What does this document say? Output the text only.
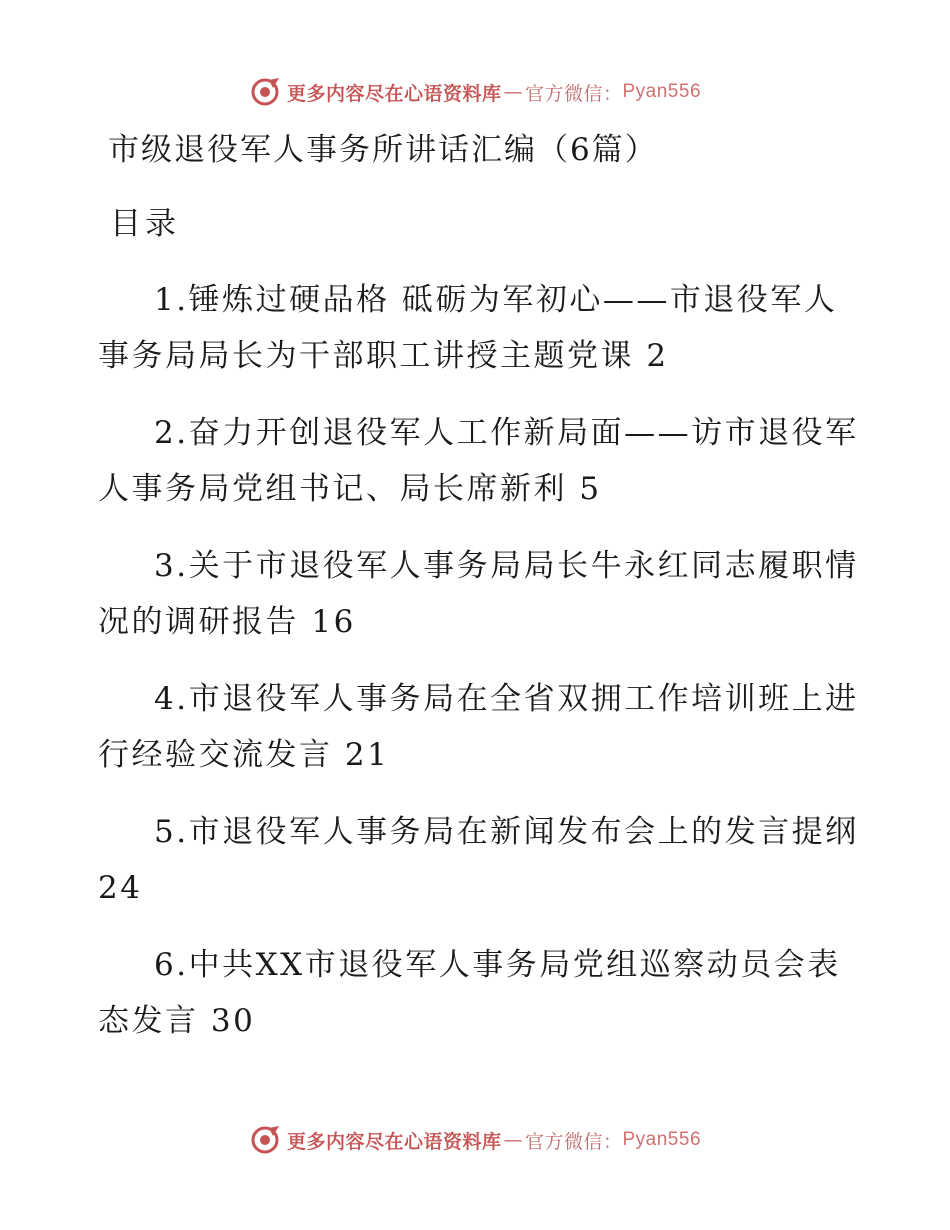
更多内容尽在心语资料库 — 官方微信： Pyan556
市级退役军人事务所讲话汇编（6篇）
目录
1.锤炼过硬品格 砥砺为军初心——市退役军人事务局局长为干部职工讲授主题党课 2
2.奋力开创退役军人工作新局面——访市退役军人事务局党组书记、局长席新利 5
3.关于市退役军人事务局局长牛永红同志履职情况的调研报告 16
4.市退役军人事务局在全省双拥工作培训班上进行经验交流发言 21
5.市退役军人事务局在新闻发布会上的发言提纲 24
6.中共XX市退役军人事务局党组巡察动员会表态发言 30
更多内容尽在心语资料库 — 官方微信： Pyan556
